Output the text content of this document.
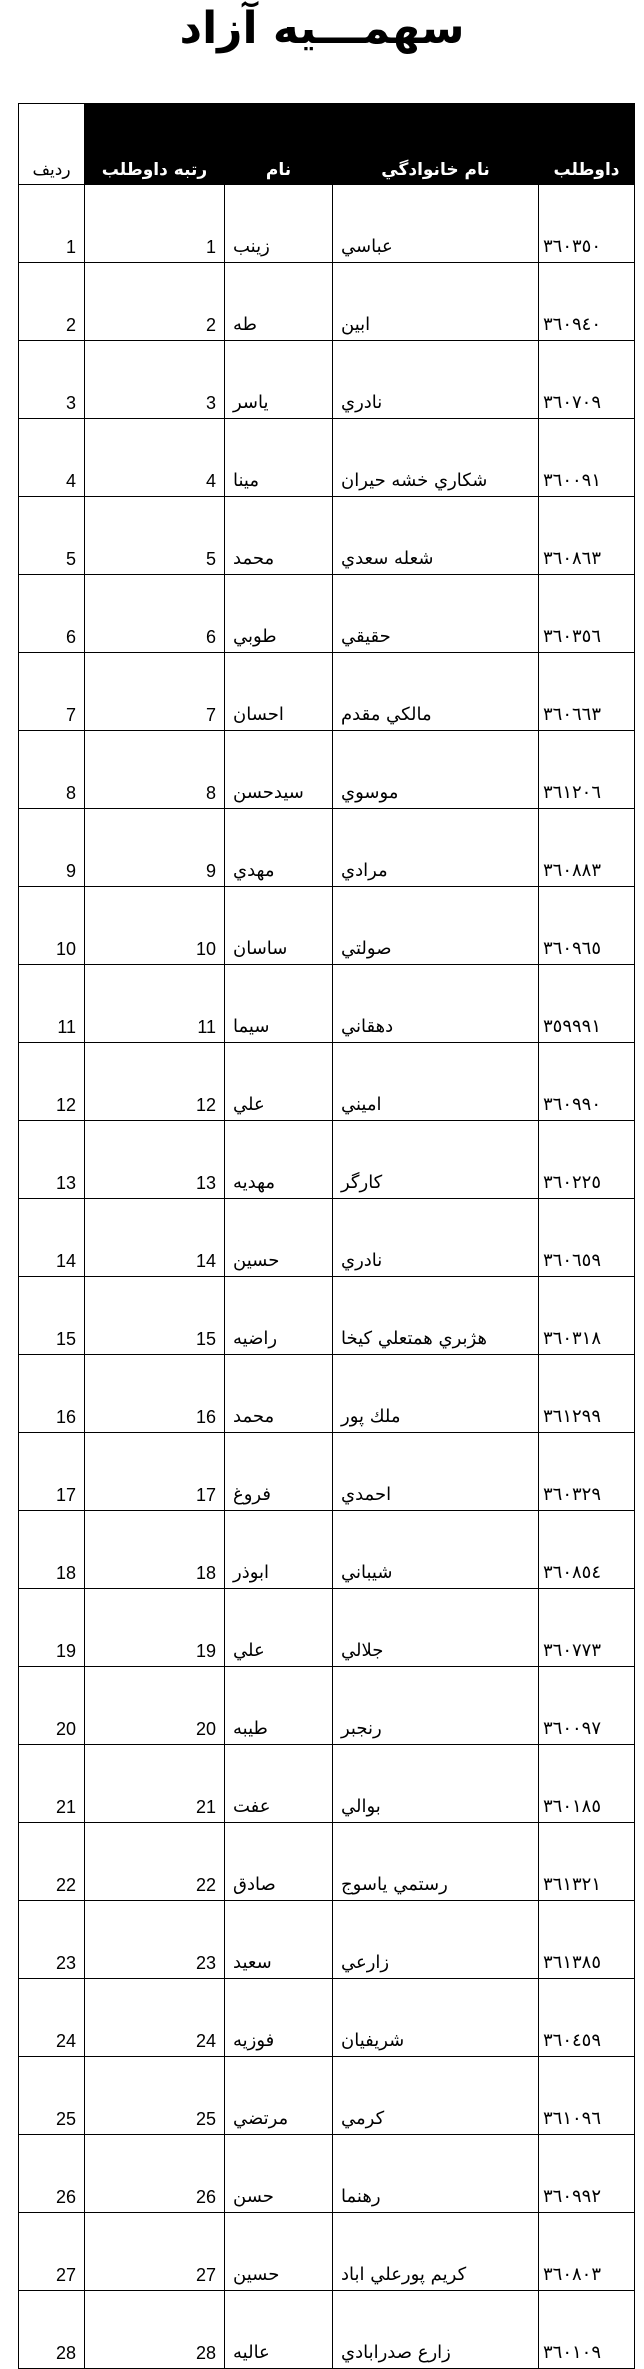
سهمـــيه آزاد

رديف	رتبه داوطلب	نام	نام خانوادگي	داوطلب
1	1	زينب	عباسي	٣٦٠٣٥٠
2	2	طه	ابين	٣٦٠٩٤٠
3	3	ياسر	نادري	٣٦٠٧٠٩
4	4	مينا	شكاري خشه حيران	٣٦٠٠٩١
5	5	محمد	شعله سعدي	٣٦٠٨٦٣
6	6	طوبي	حقيقي	٣٦٠٣٥٦
7	7	احسان	مالكي مقدم	٣٦٠٦٦٣
8	8	سيدحسن	موسوي	٣٦١٢٠٦
9	9	مهدي	مرادي	٣٦٠٨٨٣
10	10	ساسان	صولتي	٣٦٠٩٦٥
11	11	سيما	دهقاني	٣٥٩٩٩١
12	12	علي	اميني	٣٦٠٩٩٠
13	13	مهديه	كارگر	٣٦٠٢٢٥
14	14	حسين	نادري	٣٦٠٦٥٩
15	15	راضيه	هژبري همتعلي كيخا	٣٦٠٣١٨
16	16	محمد	ملك پور	٣٦١٢٩٩
17	17	فروغ	احمدي	٣٦٠٣٢٩
18	18	ابوذر	شيباني	٣٦٠٨٥٤
19	19	علي	جلالي	٣٦٠٧٧٣
20	20	طيبه	رنجبر	٣٦٠٠٩٧
21	21	عفت	بوالي	٣٦٠١٨٥
22	22	صادق	رستمي ياسوج	٣٦١٣٢١
23	23	سعيد	زارعي	٣٦١٣٨٥
24	24	فوزيه	شريفيان	٣٦٠٤٥٩
25	25	مرتضي	كرمي	٣٦١٠٩٦
26	26	حسن	رهنما	٣٦٠٩٩٢
27	27	حسين	كريم پورعلي اباد	٣٦٠٨٠٣
28	28	عاليه	زارع صدرابادي	٣٦٠١٠٩
